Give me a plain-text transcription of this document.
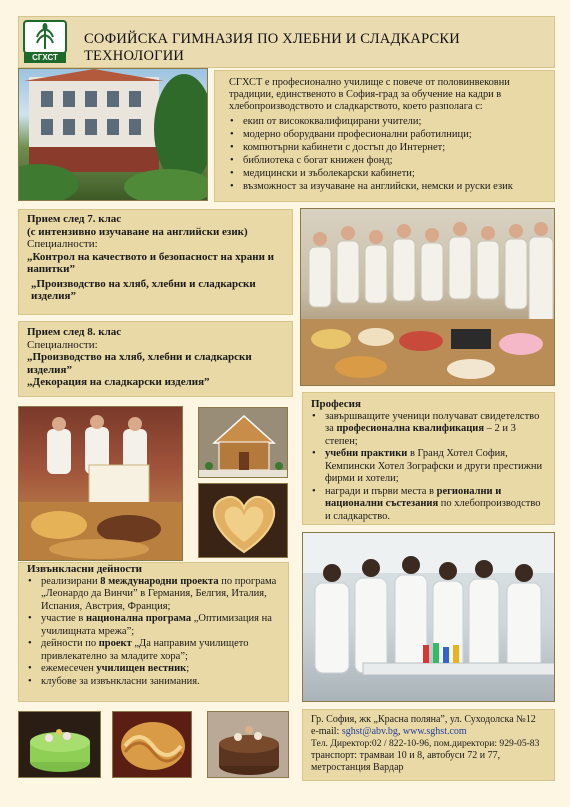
СГХСТ
СОФИЙСКА ГИМНАЗИЯ ПО ХЛЕБНИ И СЛАДКАРСКИ ТЕХНОЛОГИИ
СГХСТ е професионално училище с повече от половинвековни традиции, единственото в София-град за обучение на кадри в хлебопроизводството и сладкарството, което разполага с:
• екип от висококвалифицирани учители;
• модерно оборудвани професионални работилници;
• компютърни кабинети с достъп до Интернет;
• библиотека с богат книжен фонд;
• медицински и зъболекарски кабинети;
• възможност за изучаване на английски, немски и руски език
Прием след 7. клас
(с интензивно изучаване на английски език)
Специалности:
„Контрол на качеството и безопасност на храни и напитки”
„Производство на хляб, хлебни и сладкарски изделия”
Прием след 8. клас
Специалности:
„Производство на хляб, хлебни и сладкарски изделия”
„Декорация на сладкарски изделия”
Професия
• завършващите ученици получават свидетелство за професионална квалификация – 2 и 3 степен;
• учебни практики в Гранд Хотел София, Кемпински Хотел Зографски и други престижни фирми и хотели;
• награди и първи места в регионални и национални състезания по хлебопроизводство и сладкарство.
Извънкласни дейности
• реализирани 8 международни проекта по програма „Леонардо да Винчи” в Германия, Белгия, Италия, Испания, Австрия, Франция;
• участие в национална програма „Оптимизация на училищната мрежа”;
• дейности по проект „Да направим училището привлекателно за младите хора”;
• ежемесечен училищен вестник;
• клубове за извънкласни занимания.
Гр. София, жк „Красна поляна”, ул. Суходолска №12
e-mail: sghst@abv.bg, www.sghst.com
Тел. Директор:02 / 822-10-96, пом.директори: 929-05-83
транспорт: трамваи 10 и 8, автобуси 72 и 77,
метростанция Вардар
